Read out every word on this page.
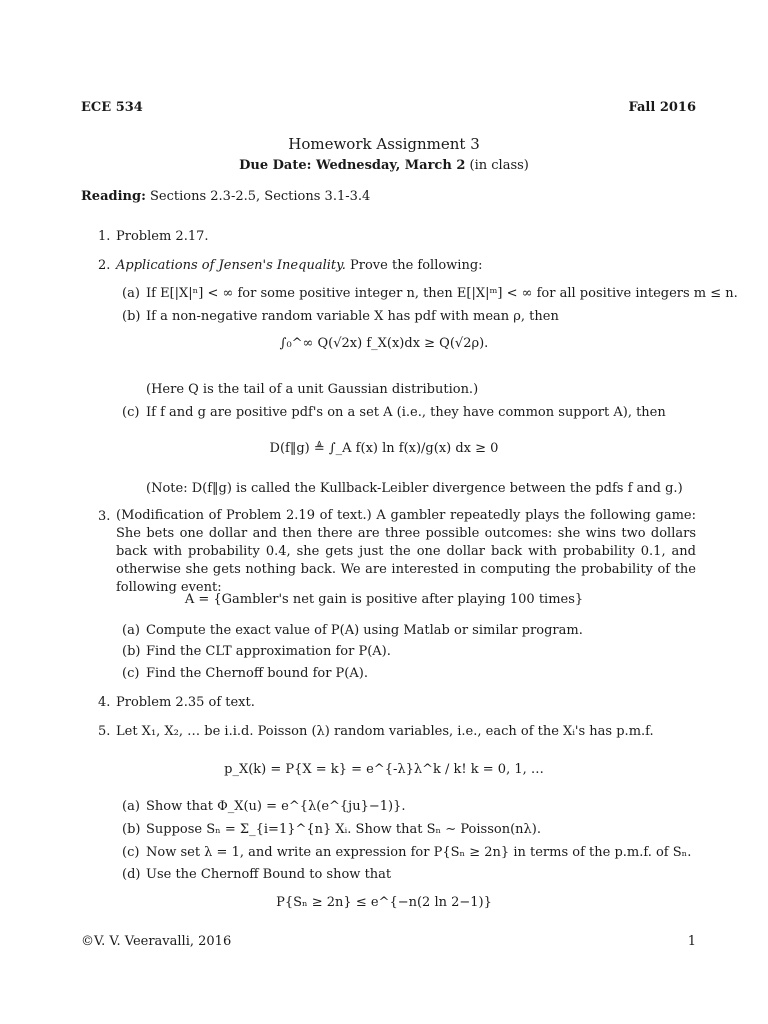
ECE 534	Fall 2016
Homework Assignment 3
Due Date: Wednesday, March 2 (in class)
Reading: Sections 2.3-2.5, Sections 3.1-3.4
1. Problem 2.17.
2. Applications of Jensen's Inequality. Prove the following:
(a) If E[|X|ⁿ] < ∞ for some positive integer n, then E[|X|ᵐ] < ∞ for all positive integers m ≤ n.
(b) If a non-negative random variable X has pdf with mean ρ, then
∫₀^∞ Q(√2x) f_X(x)dx ≥ Q(√2ρ).
(Here Q is the tail of a unit Gaussian distribution.)
(c) If f and g are positive pdf's on a set A (i.e., they have common support A), then
D(f‖g) ≜ ∫_A f(x) ln f(x)/g(x) dx ≥ 0
(Note: D(f‖g) is called the Kullback-Leibler divergence between the pdfs f and g.)
3. (Modification of Problem 2.19 of text.) A gambler repeatedly plays the following game: She bets one dollar and then there are three possible outcomes: she wins two dollars back with probability 0.4, she gets just the one dollar back with probability 0.1, and otherwise she gets nothing back. We are interested in computing the probability of the following event:
A = {Gambler's net gain is positive after playing 100 times}
(a) Compute the exact value of P(A) using Matlab or similar program.
(b) Find the CLT approximation for P(A).
(c) Find the Chernoff bound for P(A).
4. Problem 2.35 of text.
5. Let X₁, X₂, … be i.i.d. Poisson (λ) random variables, i.e., each of the Xᵢ's has p.m.f.
p_X(k) = P{X = k} = e^{-λ}λ^k / k! k = 0, 1, …
(a) Show that Φ_X(u) = e^{λ(e^{ju}−1)}.
(b) Suppose Sₙ = Σ_{i=1}^{n} Xᵢ. Show that Sₙ ∼ Poisson(nλ).
(c) Now set λ = 1, and write an expression for P{Sₙ ≥ 2n} in terms of the p.m.f. of Sₙ.
(d) Use the Chernoff Bound to show that
P{Sₙ ≥ 2n} ≤ e^{−n(2 ln 2−1)}
©V. V. Veeravalli, 2016	1
